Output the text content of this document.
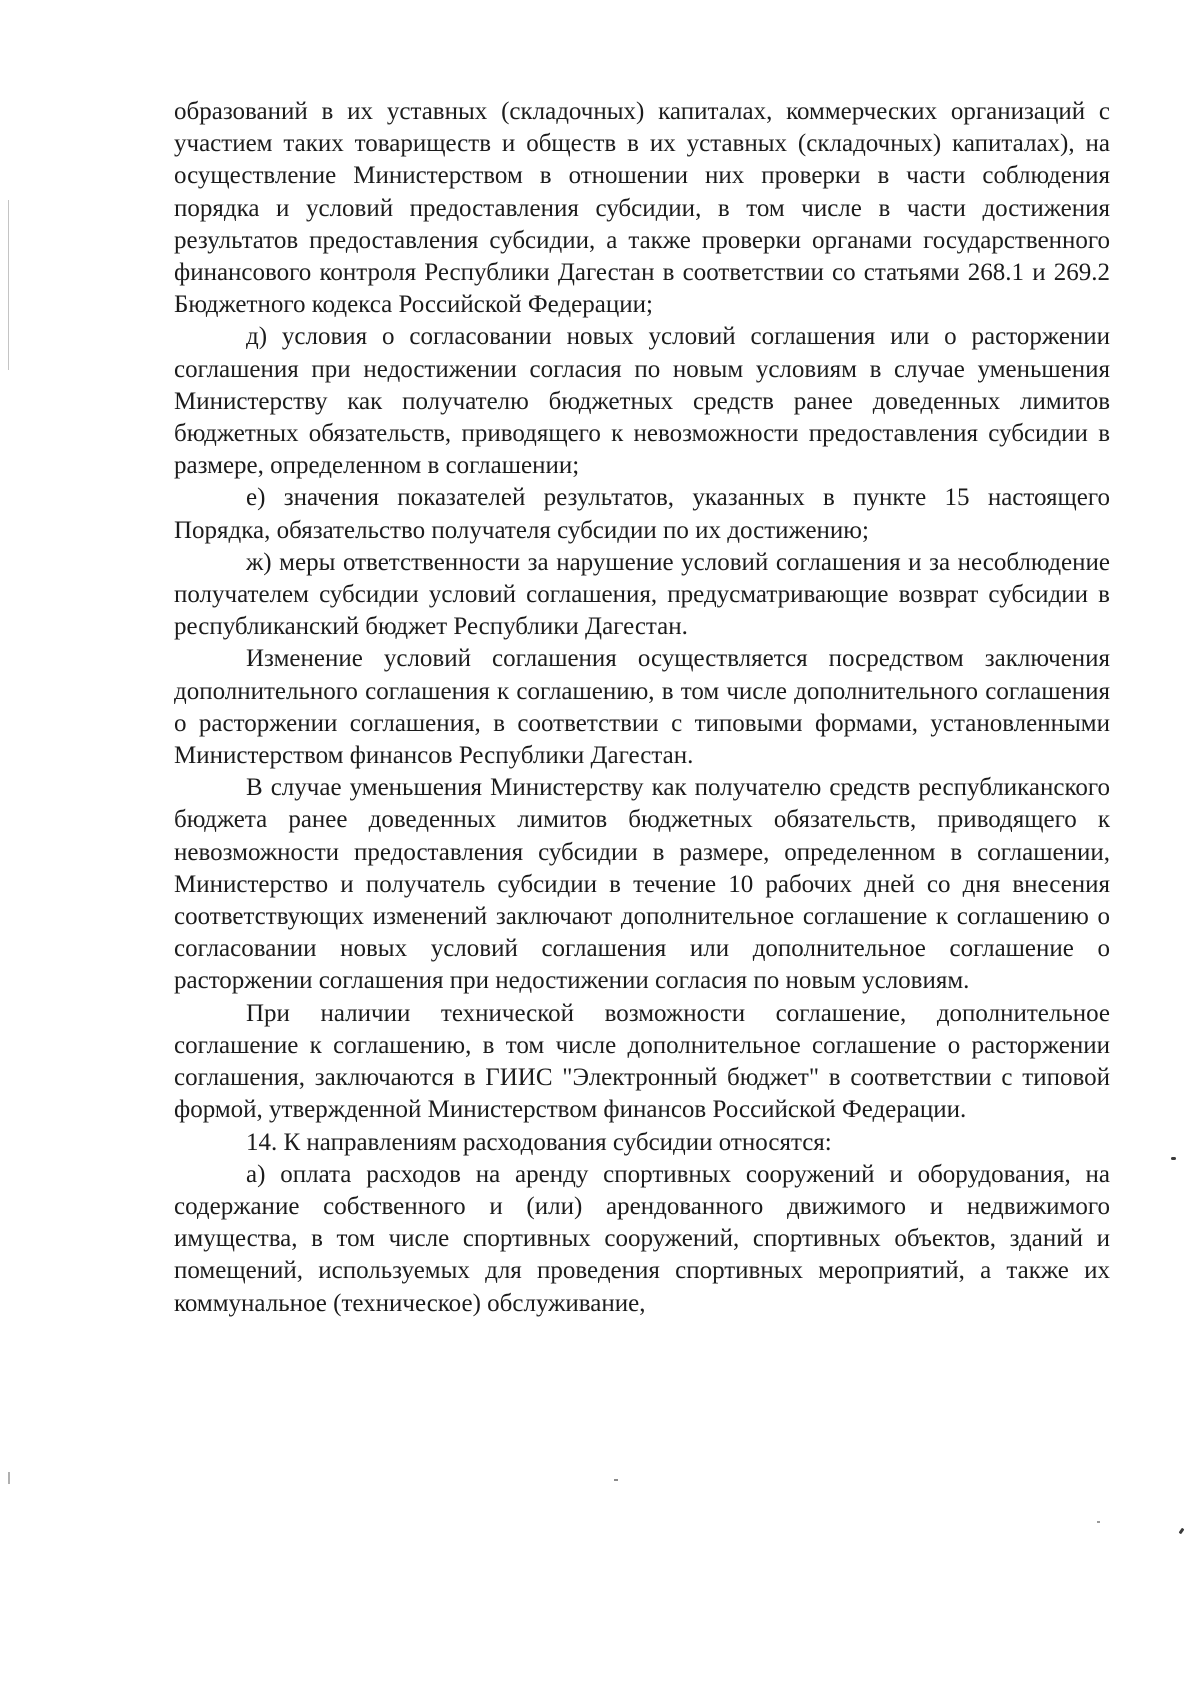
образований в их уставных (складочных) капиталах, коммерческих организаций с участием таких товариществ и обществ в их уставных (складочных) капиталах), на осуществление Министерством в отношении них проверки в части соблюдения порядка и условий предоставления субсидии, в том числе в части достижения результатов предоставления субсидии, а также проверки органами государственного финансового контроля Республики Дагестан в соответствии со статьями 268.1 и 269.2 Бюджетного кодекса Российской Федерации;

д) условия о согласовании новых условий соглашения или о расторжении соглашения при недостижении согласия по новым условиям в случае уменьшения Министерству как получателю бюджетных средств ранее доведенных лимитов бюджетных обязательств, приводящего к невозможности предоставления субсидии в размере, определенном в соглашении;

е) значения показателей результатов, указанных в пункте 15 настоящего Порядка, обязательство получателя субсидии по их достижению;

ж) меры ответственности за нарушение условий соглашения и за несоблюдение получателем субсидии условий соглашения, предусматривающие возврат субсидии в республиканский бюджет Республики Дагестан.

Изменение условий соглашения осуществляется посредством заключения дополнительного соглашения к соглашению, в том числе дополнительного соглашения о расторжении соглашения, в соответствии с типовыми формами, установленными Министерством финансов Республики Дагестан.

В случае уменьшения Министерству как получателю средств республиканского бюджета ранее доведенных лимитов бюджетных обязательств, приводящего к невозможности предоставления субсидии в размере, определенном в соглашении, Министерство и получатель субсидии в течение 10 рабочих дней со дня внесения соответствующих изменений заключают дополнительное соглашение к соглашению о согласовании новых условий соглашения или дополнительное соглашение о расторжении соглашения при недостижении согласия по новым условиям.

При наличии технической возможности соглашение, дополнительное соглашение к соглашению, в том числе дополнительное соглашение о расторжении соглашения, заключаются в ГИИС "Электронный бюджет" в соответствии с типовой формой, утвержденной Министерством финансов Российской Федерации.

14. К направлениям расходования субсидии относятся:

а) оплата расходов на аренду спортивных сооружений и оборудования, на содержание собственного и (или) арендованного движимого и недвижимого имущества, в том числе спортивных сооружений, спортивных объектов, зданий и помещений, используемых для проведения спортивных мероприятий, а также их коммунальное (техническое) обслуживание,
